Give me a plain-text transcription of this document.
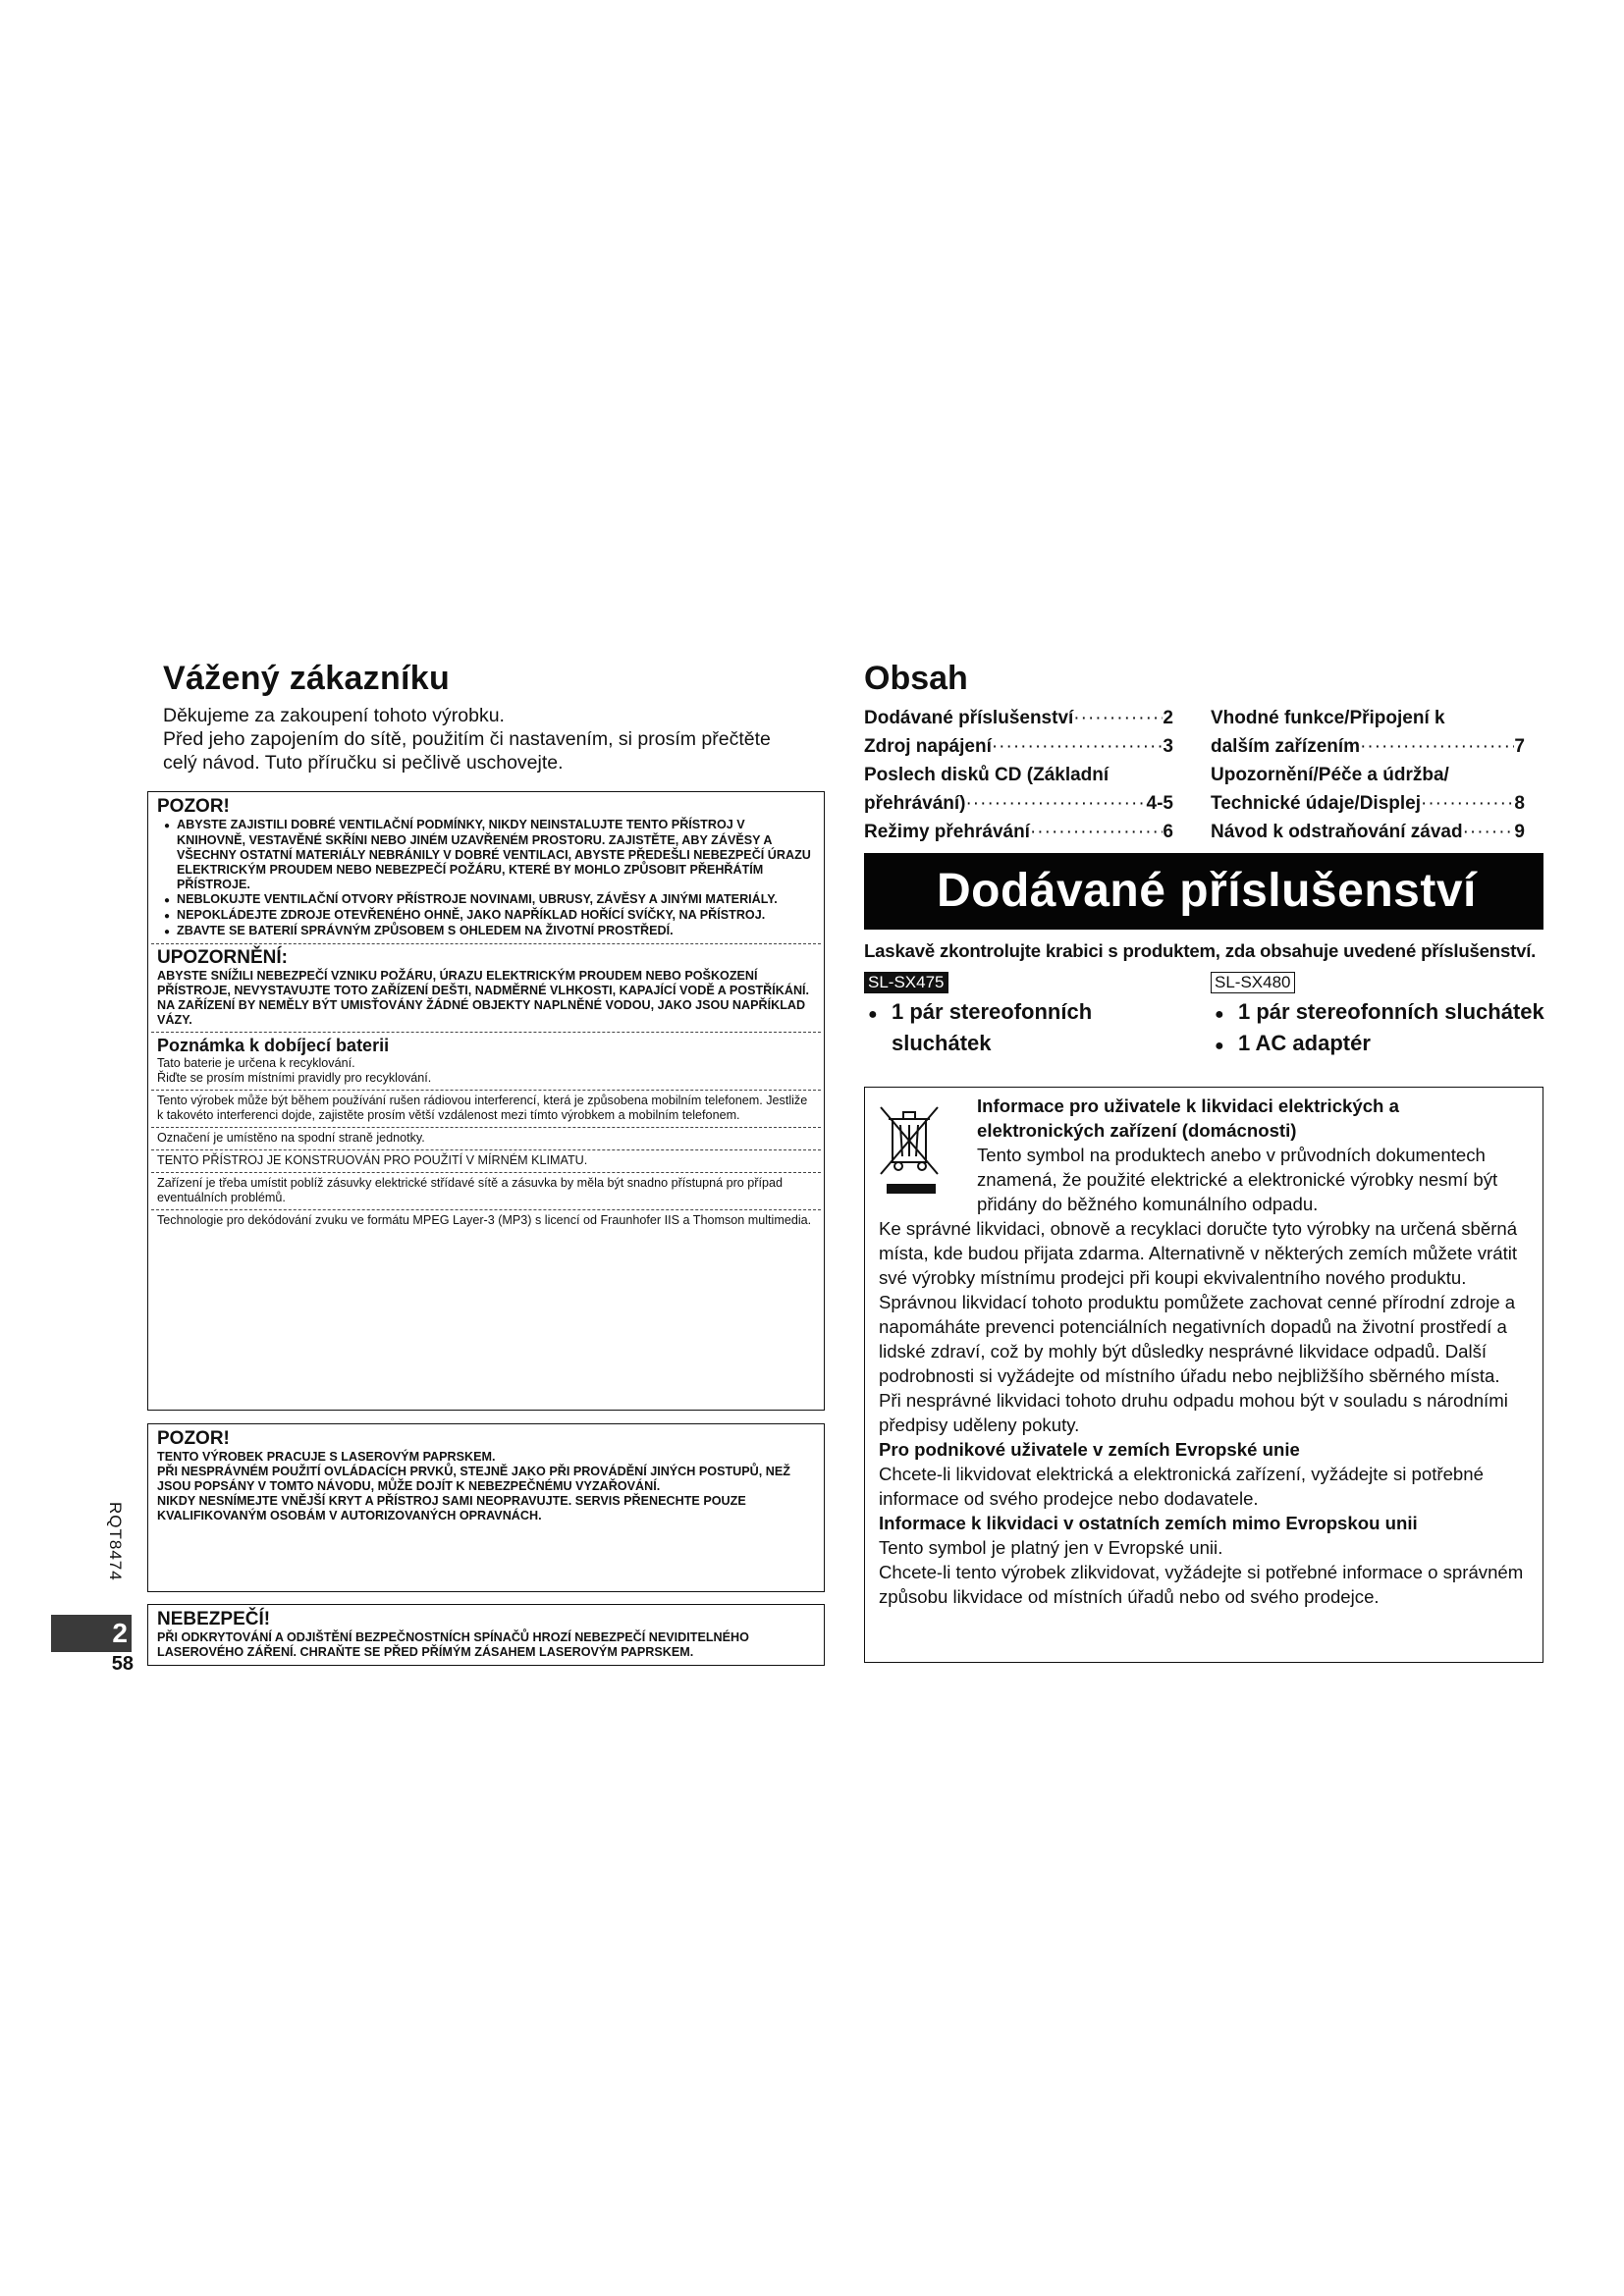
RQT8474
2
58
Vážený zákazníku

Děkujeme za zakoupení tohoto výrobku.

Před jeho zapojením do sítě, použitím či nastavením, si prosím přečtěte

celý návod. Tuto příručku si pečlivě uschovejte.

POZOR!

● ABYSTE ZAJISTILI DOBRÉ VENTILAČNÍ PODMÍNKY, NIKDY NEINSTALUJTE TENTO PŘÍSTROJ V KNIHOVNĚ, VESTAVĚNÉ SKŘÍNI NEBO JINÉM UZAVŘENÉM PROSTORU. ZAJISTĚTE, ABY ZÁVĚSY A VŠECHNY OSTATNÍ MATERIÁLY NEBRÁNILY V DOBRÉ VENTILACI, ABYSTE PŘEDEŠLI NEBEZPEČÍ ÚRAZU ELEKTRICKÝM PROUDEM NEBO NEBEZPEČÍ POŽÁRU, KTERÉ BY MOHLO ZPŮSOBIT PŘEHŘÁTÍM PŘÍSTROJE.
● NEBLOKUJTE VENTILAČNÍ OTVORY PŘÍSTROJE NOVINAMI, UBRUSY, ZÁVĚSY A JINÝMI MATERIÁLY.
● NEPOKLÁDEJTE ZDROJE OTEVŘENÉHO OHNĚ, JAKO NAPŘÍKLAD HOŘÍCÍ SVÍČKY, NA PŘÍSTROJ.
● ZBAVTE SE BATERIÍ SPRÁVNÝM ZPŮSOBEM S OHLEDEM NA ŽIVOTNÍ PROSTŘEDÍ.

UPOZORNĚNÍ:

ABYSTE SNÍŽILI NEBEZPEČÍ VZNIKU POŽÁRU, ÚRAZU ELEKTRICKÝM PROUDEM NEBO POŠKOZENÍ PŘÍSTROJE, NEVYSTAVUJTE TOTO ZAŘÍZENÍ DEŠTI, NADMĚRNÉ VLHKOSTI, KAPAJÍCÍ VODĚ A POSTŘÍKÁNÍ. NA ZAŘÍZENÍ BY NEMĚLY BÝT UMISŤOVÁNY ŽÁDNÉ OBJEKTY NAPLNĚNÉ VODOU, JAKO JSOU NAPŘÍKLAD VÁZY.

Poznámka k dobíjecí baterii

Tato baterie je určena k recyklování.

Řiďte se prosím místními pravidly pro recyklování.

Tento výrobek může být během používání rušen rádiovou interferencí, která je způsobena mobilním telefonem. Jestliže k takovéto interferenci dojde, zajistěte prosím větší vzdálenost mezi tímto výrobkem a mobilním telefonem.

Označení je umístěno na spodní straně jednotky.

TENTO PŘÍSTROJ JE KONSTRUOVÁN PRO POUŽITÍ V MÍRNÉM KLIMATU.

Zařízení je třeba umístit poblíž zásuvky elektrické střídavé sítě a zásuvka by měla být snadno přístupná pro případ eventuálních problémů.

Technologie pro dekódování zvuku ve formátu MPEG Layer-3 (MP3) s licencí od Fraunhofer IIS a Thomson multimedia.

POZOR!

TENTO VÝROBEK PRACUJE S LASEROVÝM PAPRSKEM.

PŘI NESPRÁVNÉM POUŽITÍ OVLÁDACÍCH PRVKŮ, STEJNĚ JAKO PŘI PROVÁDĚNÍ JINÝCH POSTUPŮ, NEŽ JSOU POPSÁNY V TOMTO NÁVODU, MŮŽE DOJÍT K NEBEZPEČNÉMU VYZAŘOVÁNÍ.

NIKDY NESNÍMEJTE VNĚJŠÍ KRYT A PŘÍSTROJ SAMI NEOPRAVUJTE. SERVIS PŘENECHTE POUZE KVALIFIKOVANÝM OSOBÁM V AUTORIZOVANÝCH OPRAVNÁCH.

NEBEZPEČÍ!

PŘI ODKRYTOVÁNÍ A ODJIŠTĚNÍ BEZPEČNOSTNÍCH SPÍNAČŮ HROZÍ NEBEZPEČÍ NEVIDITELNÉHO LASEROVÉHO ZÁŘENÍ. CHRAŇTE SE PŘED PŘÍMÝM ZÁSAHEM LASEROVÝM PAPRSKEM.

Obsah
Dodávané příslušenství ·····	2
Zdroj napájení ·····	3
Poslech disků CD (Základní
přehrávání) ·····	4-5
Režimy přehrávání ·····	6
Vhodné funkce/Připojení k
dalším zařízením ·····	7
Upozornění/Péče a údržba/
Technické údaje/Displej ·····	8
Návod k odstraňování závad ·····	9
Dodávané příslušenství
Laskavě zkontrolujte krabici s produktem, zda obsahuje uvedené příslušenství.
SL-SX475	SL-SX480
● 1 pár stereofonních sluchátek
● 1 pár stereofonních sluchátek
● 1 AC adaptér

Informace pro uživatele k likvidaci elektrických a elektronických zařízení (domácnosti)

Tento symbol na produktech anebo v průvodních dokumentech znamená, že použité elektrické a elektronické výrobky nesmí být přidány do běžného komunálního odpadu.

Ke správné likvidaci, obnově a recyklaci doručte tyto výrobky na určená sběrná místa, kde budou přijata zdarma. Alternativně v některých zemích můžete vrátit své výrobky místnímu prodejci při koupi ekvivalentního nového produktu.

Správnou likvidací tohoto produktu pomůžete zachovat cenné přírodní zdroje a napomáháte prevenci potenciálních negativních dopadů na životní prostředí a lidské zdraví, což by mohly být důsledky nesprávné likvidace odpadů. Další podrobnosti si vyžádejte od místního úřadu nebo nejbližšího sběrného místa.

Při nesprávné likvidaci tohoto druhu odpadu mohou být v souladu s národními předpisy uděleny pokuty.

Pro podnikové uživatele v zemích Evropské unie

Chcete-li likvidovat elektrická a elektronická zařízení, vyžádejte si potřebné informace od svého prodejce nebo dodavatele.

Informace k likvidaci v ostatních zemích mimo Evropskou unii

Tento symbol je platný jen v Evropské unii.

Chcete-li tento výrobek zlikvidovat, vyžádejte si potřebné informace o správném způsobu likvidace od místních úřadů nebo od svého prodejce.
